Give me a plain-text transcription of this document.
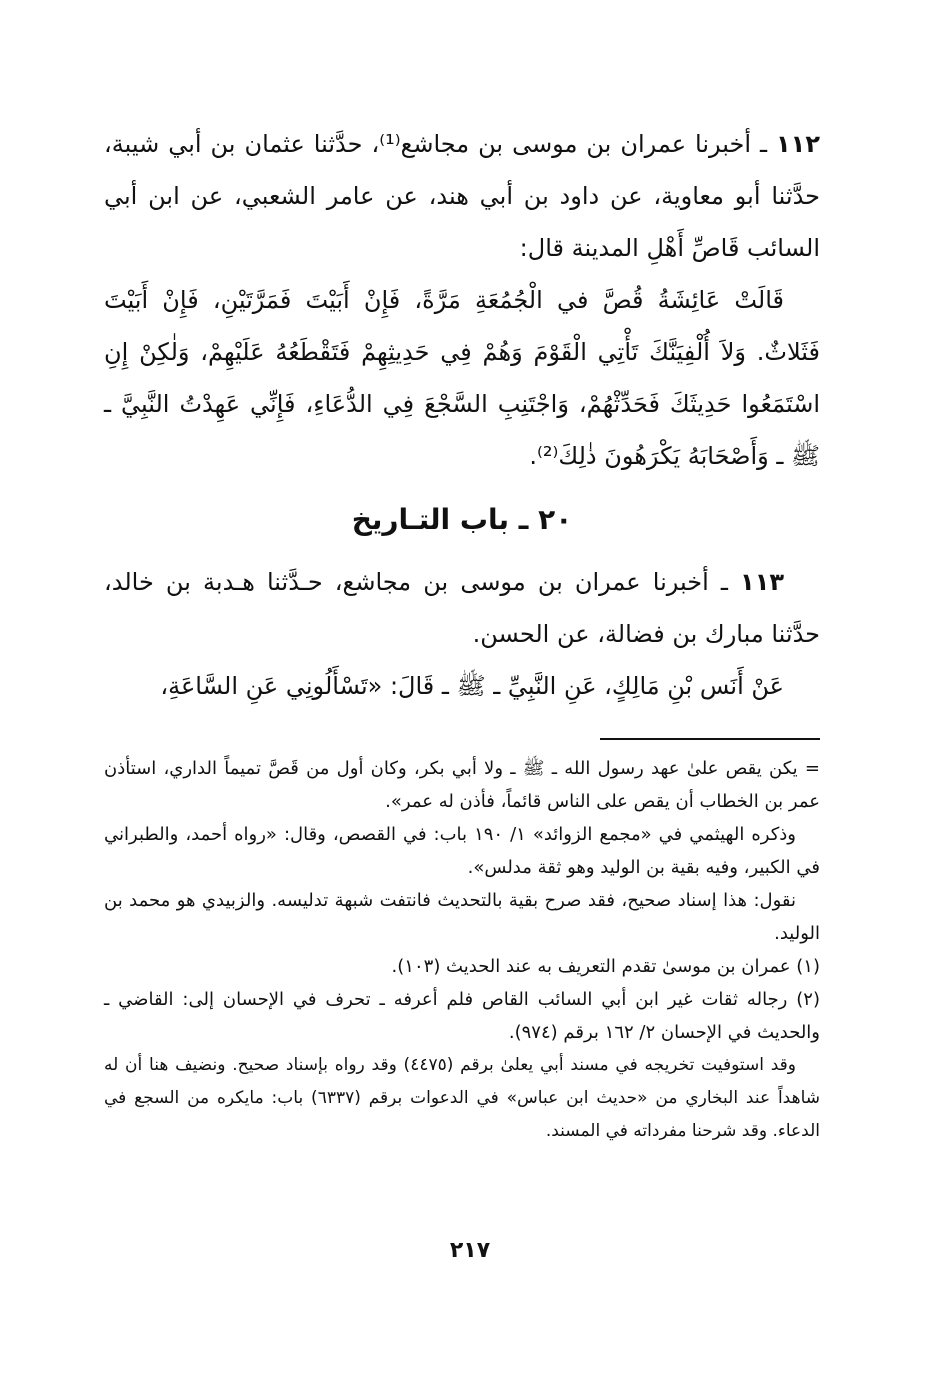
١١٢ ـ أخبرنا عمران بن موسى بن مجاشع⁽¹⁾، حدَّثنا عثمان بن أبي شيبة، حدَّثنا أبو معاوية، عن داود بن أبي هند، عن عامر الشعبي، عن ابن أبي السائب قَاصِّ أَهْلِ المدينة قال:

قَالَتْ عَائِشَةُ قُصَّ في الْجُمُعَةِ مَرَّةً، فَإِنْ أَبَيْتَ فَمَرَّتَيْنِ، فَإِنْ أَبَيْتَ فَثَلاثٌ. وَلاَ أُلْفِيَنَّكَ تَأْتِي الْقَوْمَ وَهُمْ فِي حَدِيثِهِمْ فَتَقْطَعُهُ عَلَيْهِمْ، وَلٰكِنْ إِنِ اسْتَمَعُوا حَدِيثَكَ فَحَدِّثْهُمْ، وَاجْتَنِبِ السَّجْعَ فِي الدُّعَاءِ، فَإِنِّي عَهِدْتُ النَّبِيَّ ـ ﷺ ـ وَأَصْحَابَهُ يَكْرَهُونَ ذٰلِكَ⁽²⁾.

٢٠ ـ باب التـاريخ

١١٣ ـ أخبرنا عمران بن موسى بن مجاشع، حـدَّثنا هـدبة بن خالد، حدَّثنا مبارك بن فضالة، عن الحسن.

عَنْ أَنَس بْنِ مَالِكٍ، عَنِ النَّبِيِّ ـ ﷺ ـ قَالَ: «تَسْأَلُونِي عَنِ السَّاعَةِ،

= يكن يقص علىٰ عهد رسول الله ـ ﷺ ـ ولا أبي بكر، وكان أول من قَصَّ تميماً الداري، استأذن عمر بن الخطاب أن يقص على الناس قائماً، فأذن له عمر».

وذكره الهيثمي في «مجمع الزوائد» ١/ ١٩٠ باب: في القصص، وقال: «رواه أحمد، والطبراني في الكبير، وفيه بقية بن الوليد وهو ثقة مدلس».

نقول: هذا إسناد صحيح، فقد صرح بقية بالتحديث فانتفت شبهة تدليسه. والزبيدي هو محمد بن الوليد.

(١) عمران بن موسىٰ تقدم التعريف به عند الحديث (١٠٣).

(٢) رجاله ثقات غير ابن أبي السائب القاص فلم أعرفه ـ تحرف في الإحسان إلى: القاضي ـ والحديث في الإحسان ٢/ ١٦٢ برقم (٩٧٤).

وقد استوفيت تخريجه في مسند أبي يعلىٰ برقم (٤٤٧٥) وقد رواه بإسناد صحيح. ونضيف هنا أن له شاهداً عند البخاري من «حديث ابن عباس» في الدعوات برقم (٦٣٣٧) باب: مايكره من السجع في الدعاء. وقد شرحنا مفرداته في المسند.

٢١٧
